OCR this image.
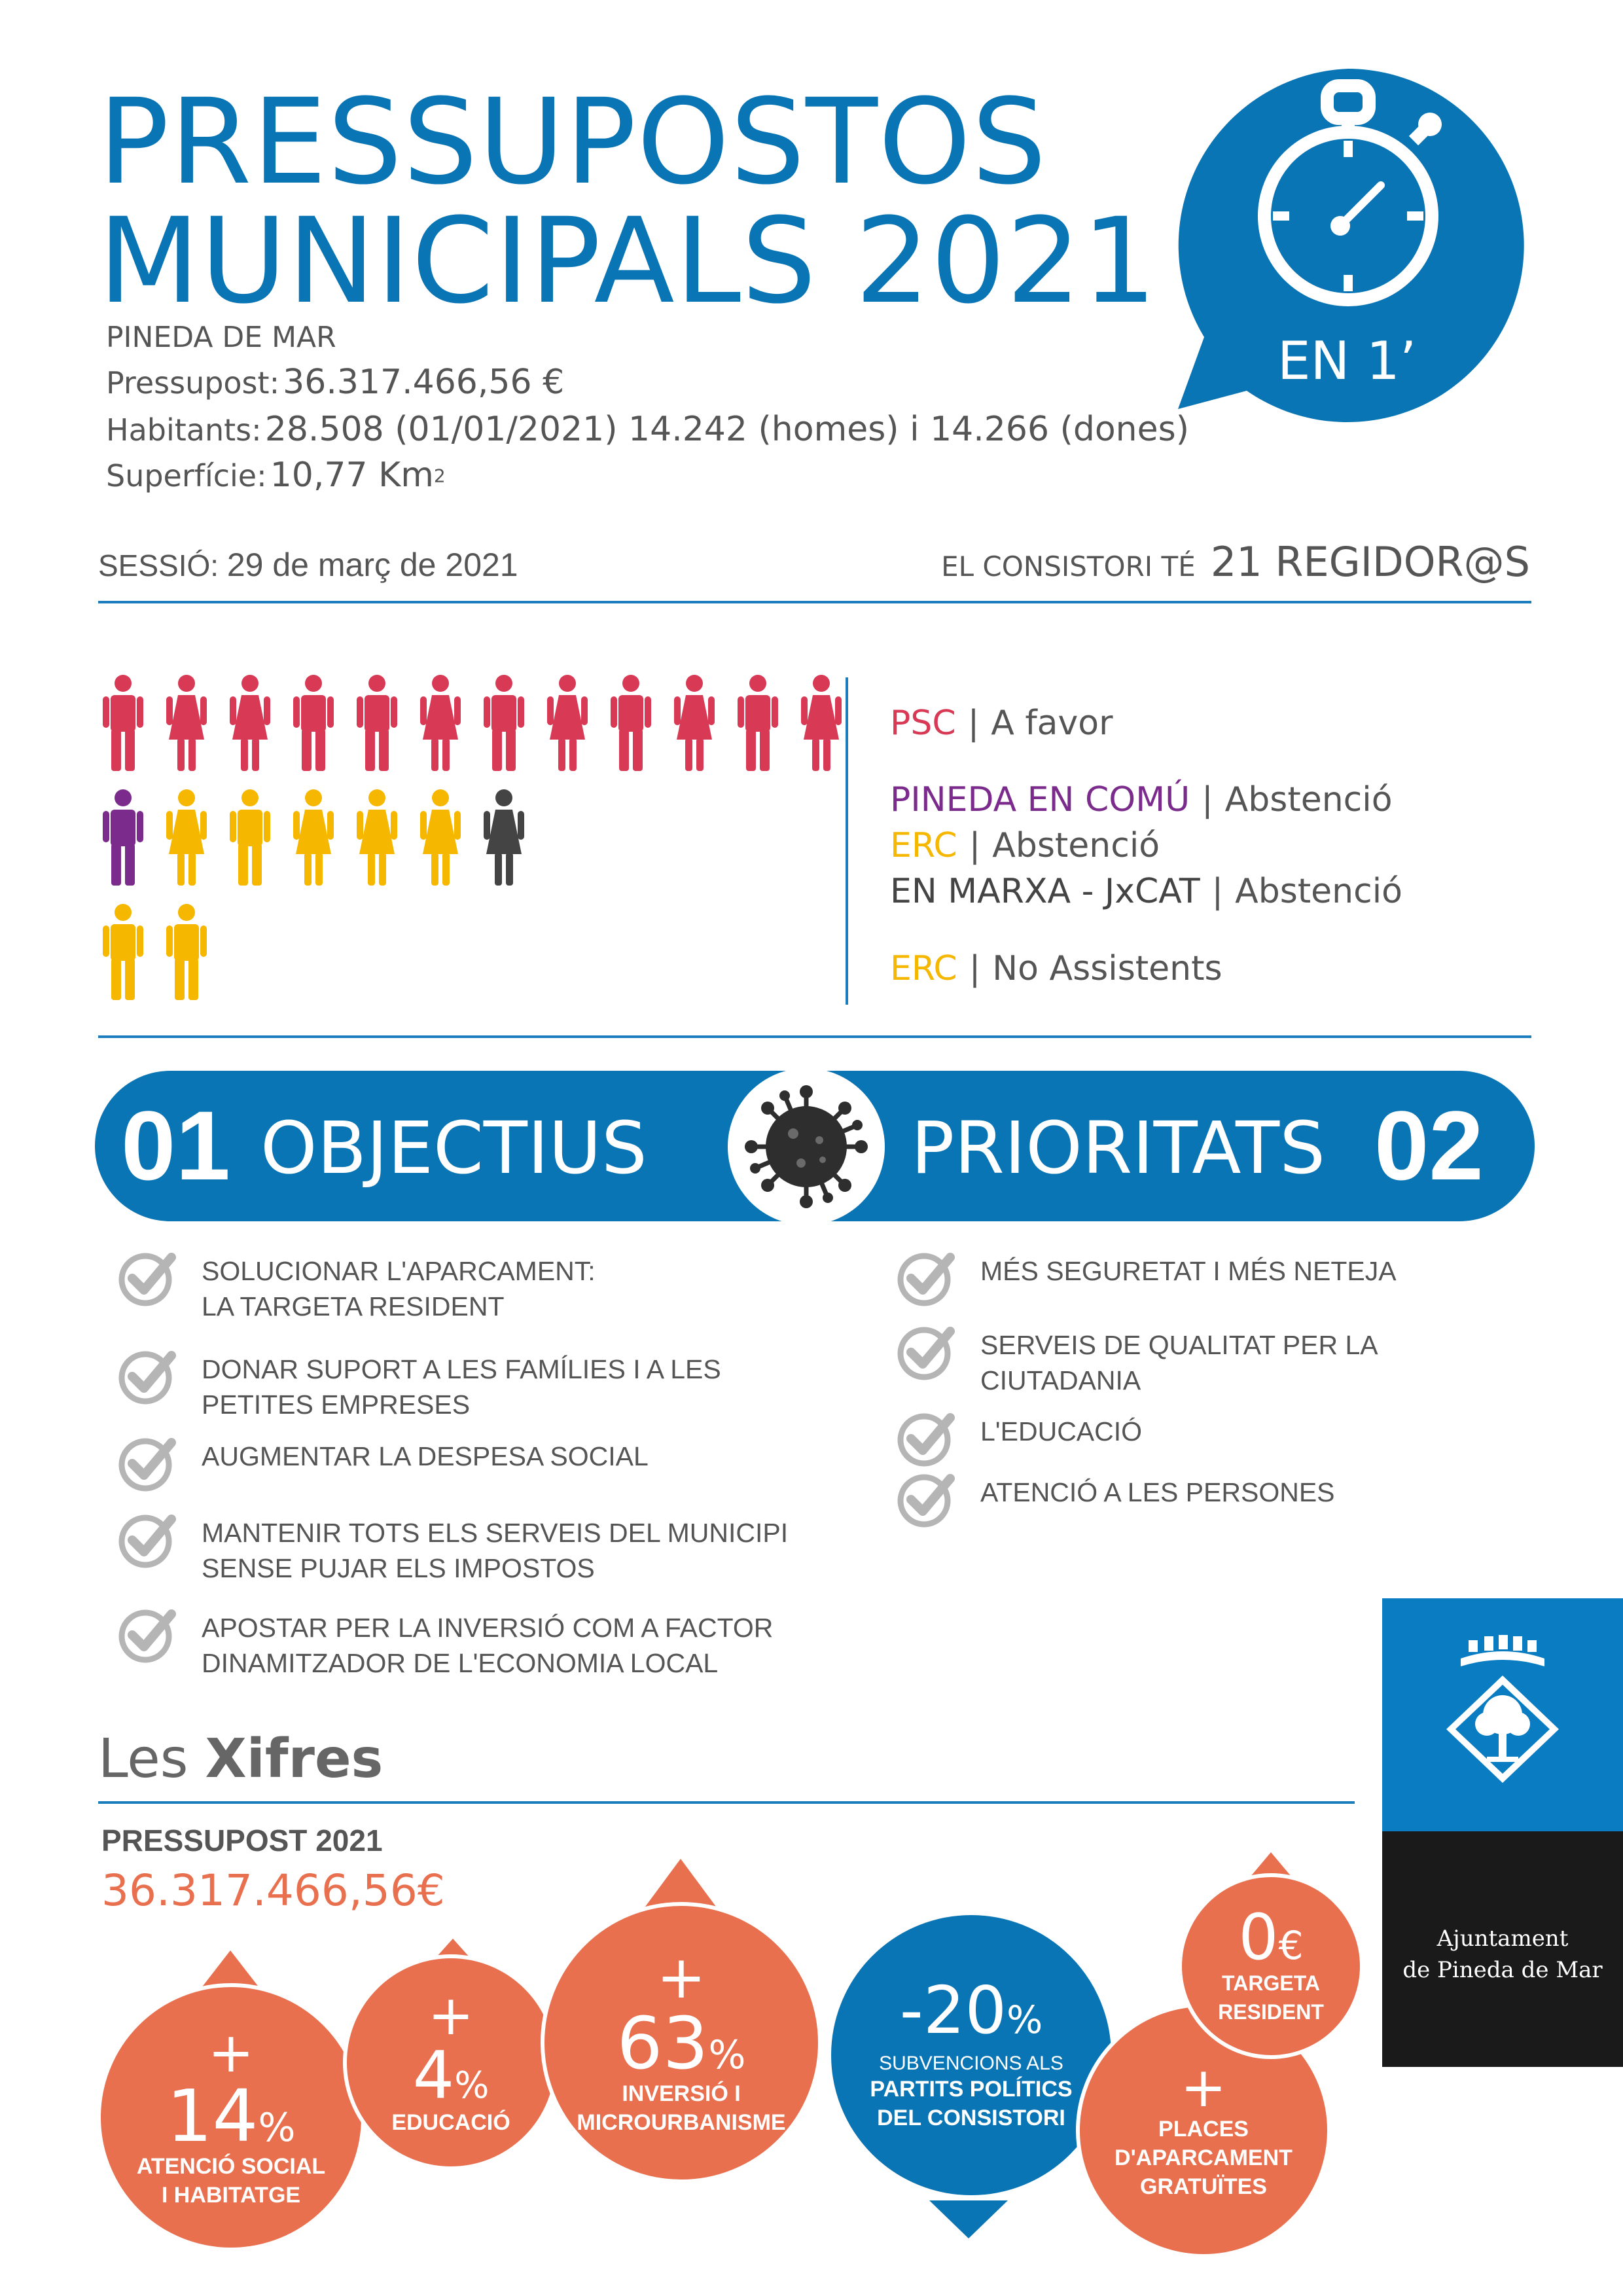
PRESSUPOSTOS
MUNICIPALS 2021
EN 1’
PINEDA DE MAR
Pressupost: 36.317.466,56 €
Habitants: 28.508 (01/01/2021) 14.242 (homes) i 14.266 (dones)
Superfície: 10,77 Km$^2$
SESSIÓ: 29 de març de 2021	EL CONSISTORI TÉ 21 REGIDOR@S
PSC | A favor
PINEDA EN COMÚ | Abstenció
ERC | Abstenció
EN MARXA - JxCAT | Abstenció
ERC | No Assistents
01 OBJECTIUS	PRIORITATS 02
SOLUCIONAR L'APARCAMENT:
LA TARGETA RESIDENT
DONAR SUPORT A LES FAMÍLIES I A LES
PETITES EMPRESES
AUGMENTAR LA DESPESA SOCIAL
MANTENIR TOTS ELS SERVEIS DEL MUNICIPI
SENSE PUJAR ELS IMPOSTOS
APOSTAR PER LA INVERSIÓ COM A FACTOR
DINAMITZADOR DE L'ECONOMIA LOCAL
MÉS SEGURETAT I MÉS NETEJA
SERVEIS DE QUALITAT PER LA
CIUTADANIA
L'EDUCACIÓ
ATENCIÓ A LES PERSONES
Les Xifres
PRESSUPOST 2021
36.317.466,56€
+
14%
ATENCIÓ SOCIAL
I HABITATGE
+
4%
EDUCACIÓ
+
63%
INVERSIÓ I
MICROURBANISME
-20%
SUBVENCIONS ALS
PARTITS POLÍTICS
DEL CONSISTORI +
PLACES
D'APARCAMENT
GRATUÏTES
0€
TARGETA
RESIDENT
Ajuntament
de Pineda de Mar
